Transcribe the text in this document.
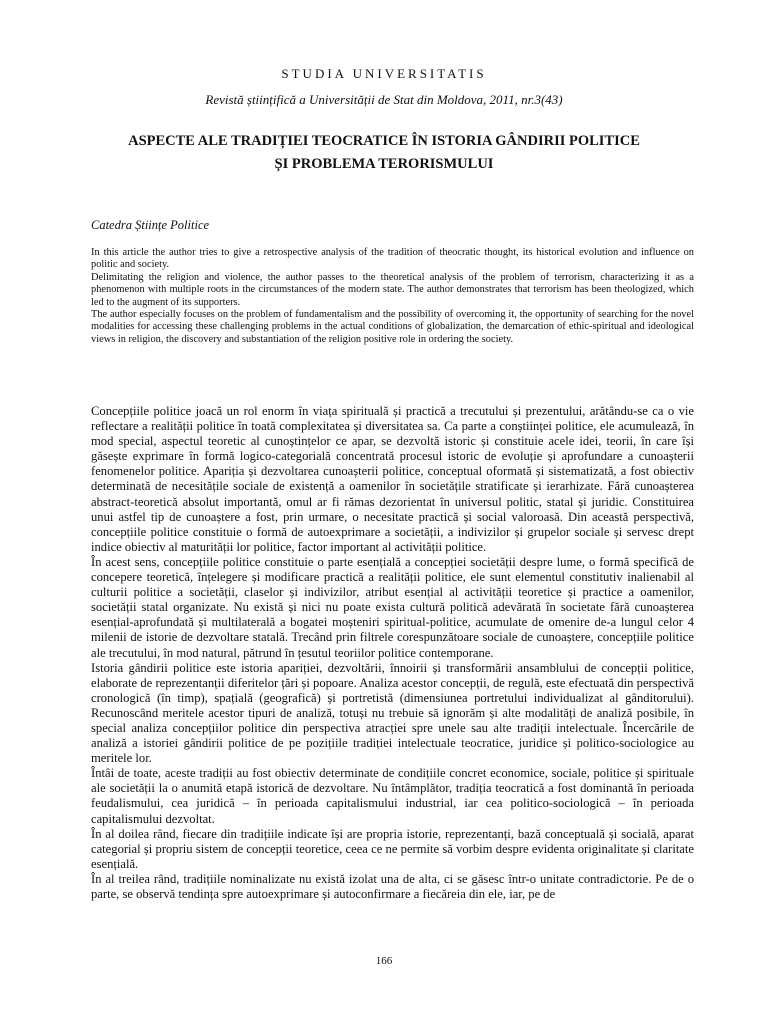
STUDIA UNIVERSITATIS
Revistă științifică a Universității de Stat din Moldova, 2011, nr.3(43)
ASPECTE ALE TRADIȚIEI TEOCRATICE ÎN ISTORIA GÂNDIRII POLITICE
ȘI PROBLEMA TERORISMULUI
Catedra Științe Politice

In this article the author tries to give a retrospective analysis of the tradition of theocratic thought, its historical evolution and influence on politic and society.

Delimitating the religion and violence, the author passes to the theoretical analysis of the problem of terrorism, characterizing it as a phenomenon with multiple roots in the circumstances of the modern state. The author demonstrates that terrorism has been theologized, which led to the augment of its supporters.

The author especially focuses on the problem of fundamentalism and the possibility of overcoming it, the opportunity of searching for the novel modalities for accessing these challenging problems in the actual conditions of globalization, the demarcation of ethic-spiritual and ideological views in religion, the discovery and substantiation of the religion positive role in ordering the society.

Concepțiile politice joacă un rol enorm în viața spirituală și practică a trecutului și prezentului, arătându-se ca o vie reflectare a realității politice în toată complexitatea și diversitatea sa. Ca parte a conștiinței politice, ele acumulează, în mod special, aspectul teoretic al cunoștințelor ce apar, se dezvoltă istoric și constituie acele idei, teorii, în care își găsește exprimare în formă logico-categorială concentrată procesul istoric de evoluție și aprofundare a cunoașterii fenomenelor politice. Apariția și dezvoltarea cunoașterii politice, conceptual oformată și sistematizată, a fost obiectiv determinată de necesitățile sociale de existență a oamenilor în societățile stratificate și ierarhizate. Fără cunoașterea abstract-teoretică absolut importantă, omul ar fi rămas dezorientat în universul politic, statal și juridic. Constituirea unui astfel tip de cunoaștere a fost, prin urmare, o necesitate practică și social valoroasă. Din această perspectivă, concepțiile politice constituie o formă de autoexprimare a societății, a indivizilor și grupelor sociale și servesc drept indice obiectiv al maturității lor politice, factor important al activității politice.

În acest sens, concepțiile politice constituie o parte esențială a concepției societății despre lume, o formă specifică de concepere teoretică, înțelegere și modificare practică a realității politice, ele sunt elementul constitutiv inalienabil al culturii politice a societății, claselor și indivizilor, atribut esențial al activității teoretice și practice a oamenilor, societății statal organizate. Nu există și nici nu poate exista cultură politică adevărată în societate fără cunoașterea esențial-aprofundată și multilaterală a bogatei moșteniri spiritual-politice, acumulate de omenire de-a lungul celor 4 milenii de istorie de dezvoltare statală. Trecând prin filtrele corespunzătoare sociale de cunoaștere, concepțiile politice ale trecutului, în mod natural, pătrund în țesutul teoriilor politice contemporane.

Istoria gândirii politice este istoria apariției, dezvoltării, înnoirii și transformării ansamblului de concepții politice, elaborate de reprezentanții diferitelor țări și popoare. Analiza acestor concepții, de regulă, este efectuată din perspectivă cronologică (în timp), spațială (geografică) și portretistă (dimensiunea portretului individualizat al gânditorului). Recunoscând meritele acestor tipuri de analiză, totuși nu trebuie să ignorăm și alte modalități de analiză posibile, în special analiza concepțiilor politice din perspectiva atracției spre unele sau alte tradiții intelectuale. Încercările de analiză a istoriei gândirii politice de pe pozițiile tradiției intelectuale teocratice, juridice și politico-sociologice au meritele lor.

Întâi de toate, aceste tradiții au fost obiectiv determinate de condițiile concret economice, sociale, politice și spirituale ale societății la o anumită etapă istorică de dezvoltare. Nu întâmplător, tradiția teocratică a fost dominantă în perioada feudalismului, cea juridică – în perioada capitalismului industrial, iar cea politico-sociologică – în perioada capitalismului dezvoltat.

În al doilea rând, fiecare din tradițiile indicate își are propria istorie, reprezentanți, bază conceptuală și socială, aparat categorial și propriu sistem de concepții teoretice, ceea ce ne permite să vorbim despre evidenta originalitate și claritate esențială.

În al treilea rând, tradițiile nominalizate nu există izolat una de alta, ci se găsesc într-o unitate contradictorie. Pe de o parte, se observă tendința spre autoexprimare și autoconfirmare a fiecăreia din ele, iar, pe de

166
